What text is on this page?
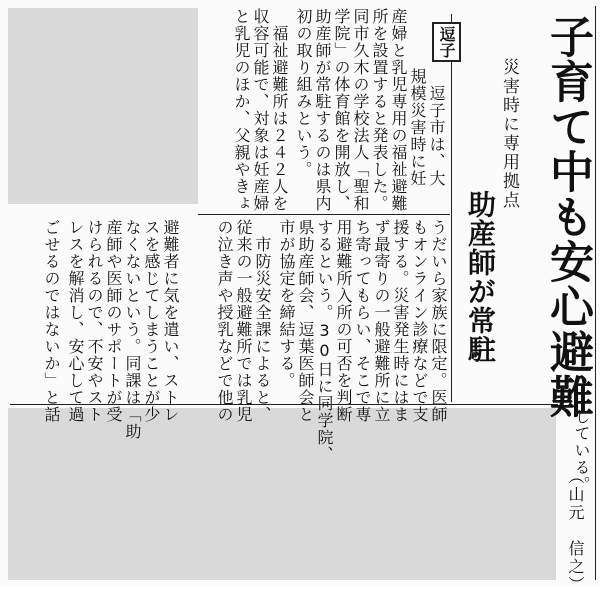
子育て中も安心避難
災害時に専用拠点
助産師が常駐
逗子
　逗子市は、大
規模災害時に妊
産婦と乳児専用の福祉避難
所を設置すると発表した。
同市久木の学校法人「聖和
学院」の体育館を開放し、
助産師が常駐するのは県内
初の取り組みという。
　福祉避難所は２４２人を
収容可能で、対象は妊産婦
と乳児のほか、父親やきょ
うだいら家族に限定。医師
もオンライン診療などで支
援する。災害発生時にはま
ず最寄りの一般避難所に立
ち寄ってもらい、そこで専
用避難所入所の可否を判断
するという。30日に同学院、
県助産師会、逗葉医師会と
市が協定を締結する。
　市防災安全課によると、
従来の一般避難所では乳児
の泣き声や授乳などで他の
避難者に気を遣い、ストレ
スを感じてしまうことが少
なくないという。同課は「助
産師や医師のサポートが受
けられるので、不安やスト
レスを解消し、安心して過
ごせるのではないか」と話
している。
（山元　信之）
